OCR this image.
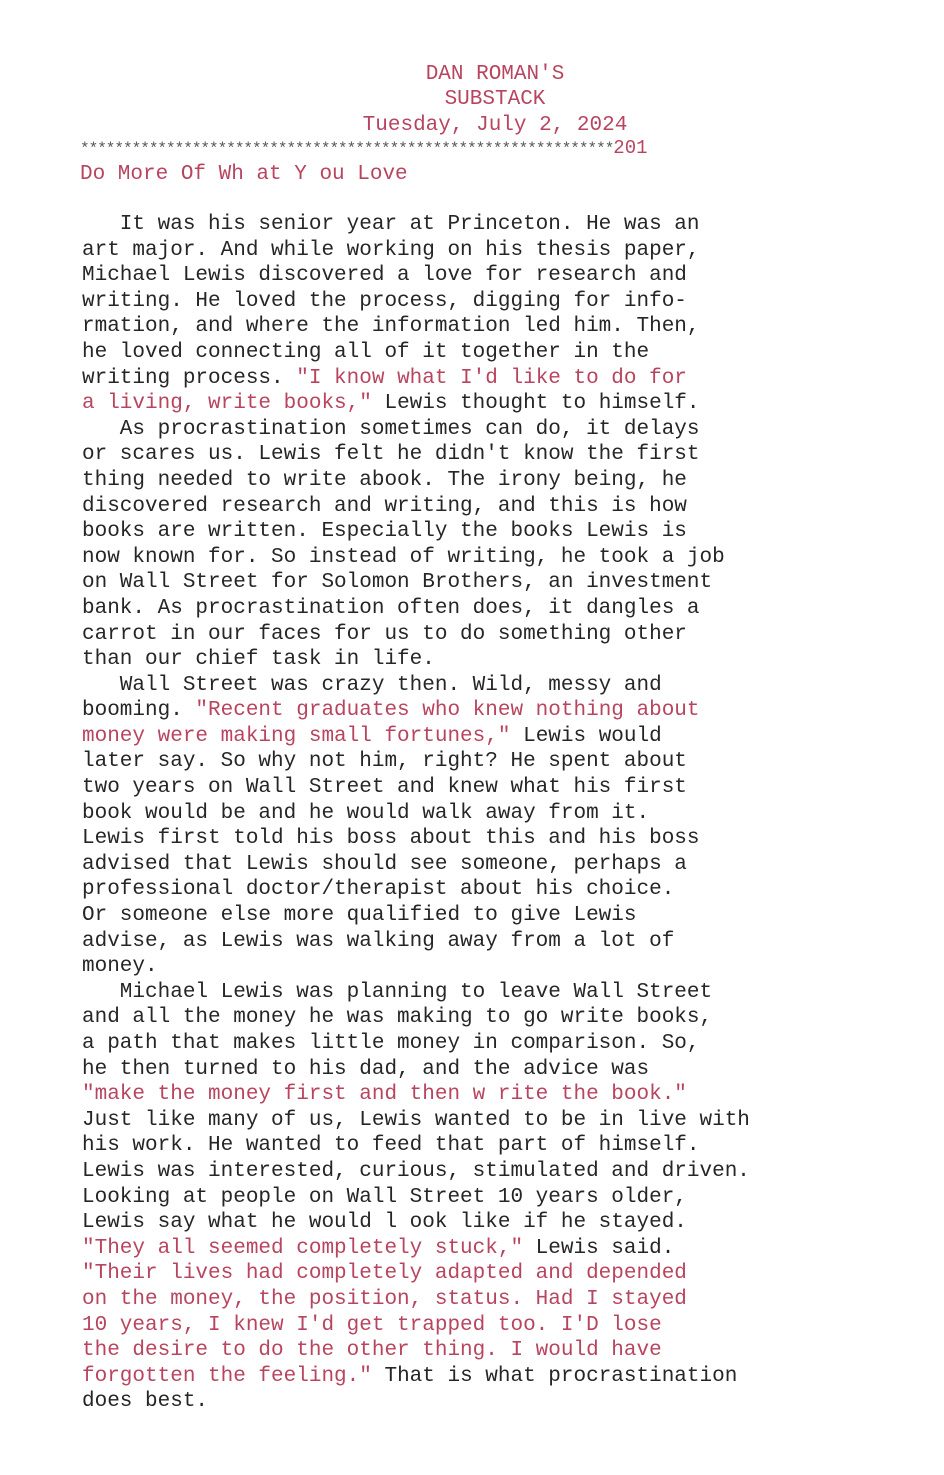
DAN ROMAN'S
SUBSTACK
Tuesday, July 2, 2024
**************************************************************201
Do More Of Wh at Y ou Love
It was his senior year at Princeton. He was an
art major. And while working on his thesis paper,
Michael Lewis discovered a love for research and
writing. He loved the process, digging for info-
rmation, and where the information led him. Then,
he loved connecting all of it together in the
writing process. "I know what I'd like to do for
a living, write books," Lewis thought to himself.
As procrastination sometimes can do, it delays
or scares us. Lewis felt he didn't know the first
thing needed to write abook. The irony being, he
discovered research and writing, and this is how
books are written. Especially the books Lewis is
now known for. So instead of writing, he took a job
on Wall Street for Solomon Brothers, an investment
bank. As procrastination often does, it dangles a
carrot in our faces for us to do something other
than our chief task in life.
Wall Street was crazy then. Wild, messy and
booming. "Recent graduates who knew nothing about
money were making small fortunes," Lewis would
later say. So why not him, right? He spent about
two years on Wall Street and knew what his first
book would be and he would walk away from it.
Lewis first told his boss about this and his boss
advised that Lewis should see someone, perhaps a
professional doctor/therapist about his choice.
Or someone else more qualified to give Lewis
advise, as Lewis was walking away from a lot of
money.
Michael Lewis was planning to leave Wall Street
and all the money he was making to go write books,
a path that makes little money in comparison. So,
he then turned to his dad, and the advice was
"make the money first and then w rite the book."
Just like many of us, Lewis wanted to be in live with
his work. He wanted to feed that part of himself.
Lewis was interested, curious, stimulated and driven.
Looking at people on Wall Street 10 years older,
Lewis say what he would l ook like if he stayed.
"They all seemed completely stuck," Lewis said.
"Their lives had completely adapted and depended
on the money, the position, status. Had I stayed
10 years, I knew I'd get trapped too. I'D lose
the desire to do the other thing. I would have
forgotten the feeling." That is what procrastination
does best.
